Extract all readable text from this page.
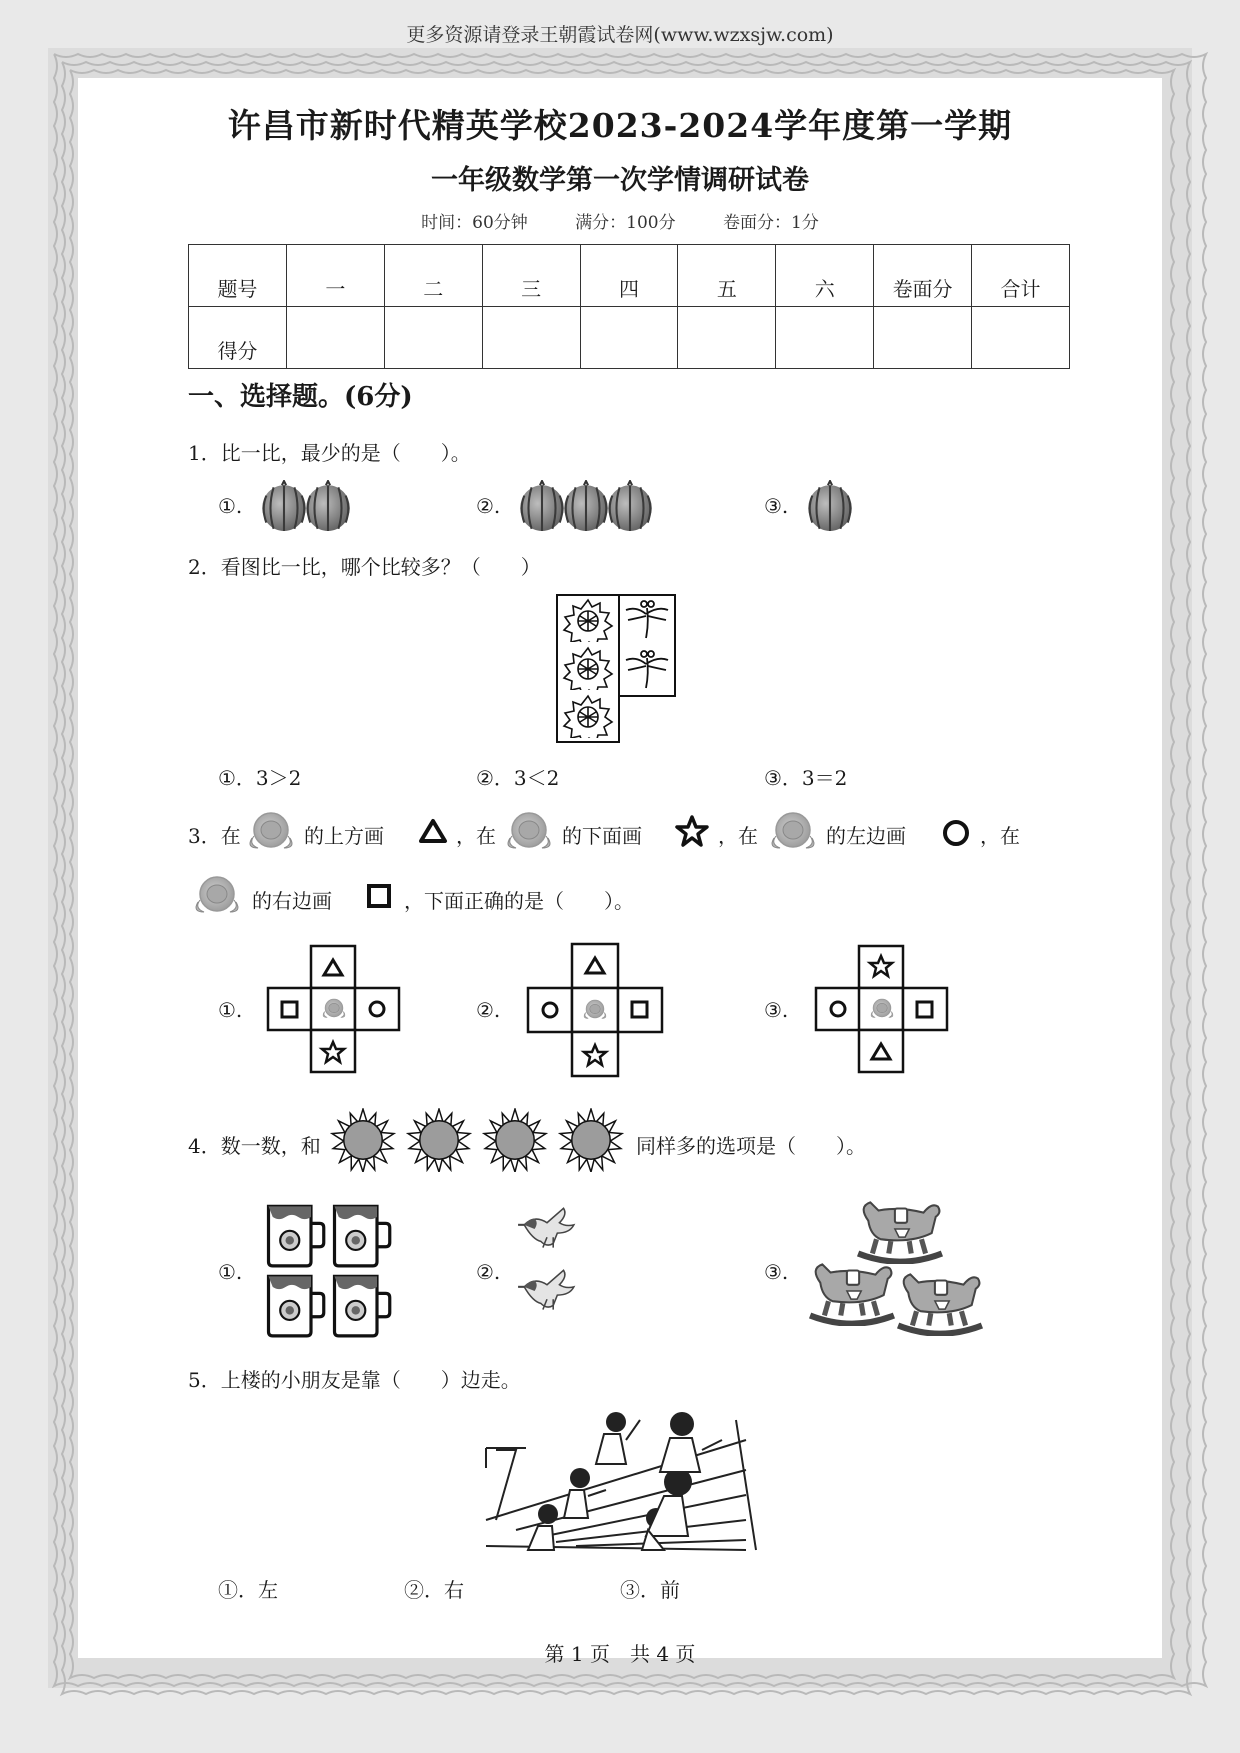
更多资源请登录王朝霞试卷网(www.wzxsjw.com)
许昌市新时代精英学校2023-2024学年度第一学期
一年级数学第一次学情调研试卷
时间：60分钟	满分：100分	卷面分：1分
题号	一	二	三	四	五	六	卷面分	合计
得分								
一、选择题。(6分)
1．比一比，最少的是（　　）。
①.	②.	③.
2．看图比一比，哪个比较多？（　　）
①．3＞2	②．3＜2	③．3＝2
3．在	的上方画	，在	的下面画	，在	的左边画	，在
的右边画	，下面正确的是（　　）。
①.	②.	③.
4．数一数，和	同样多的选项是（　　）。
①.	②.	③.
5．上楼的小朋友是靠（　　）边走。
①．左	②．右	③．前
第 1 页　共 4 页
